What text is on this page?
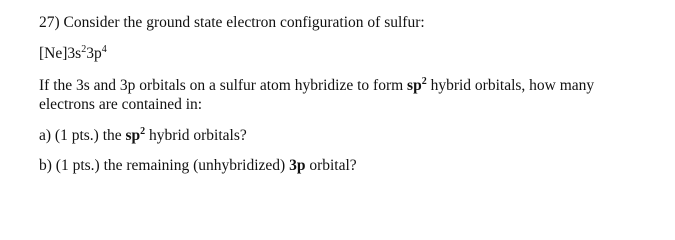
27) Consider the ground state electron configuration of sulfur:
$[Ne]3s^23p^4$
If the 3s and 3p orbitals on a sulfur atom hybridize to form $sp^2$ hybrid orbitals, how many
electrons are contained in:
a) (1 pts.) the $sp^2$ hybrid orbitals?
b) (1 pts.) the remaining (unhybridized) 3p orbital?
